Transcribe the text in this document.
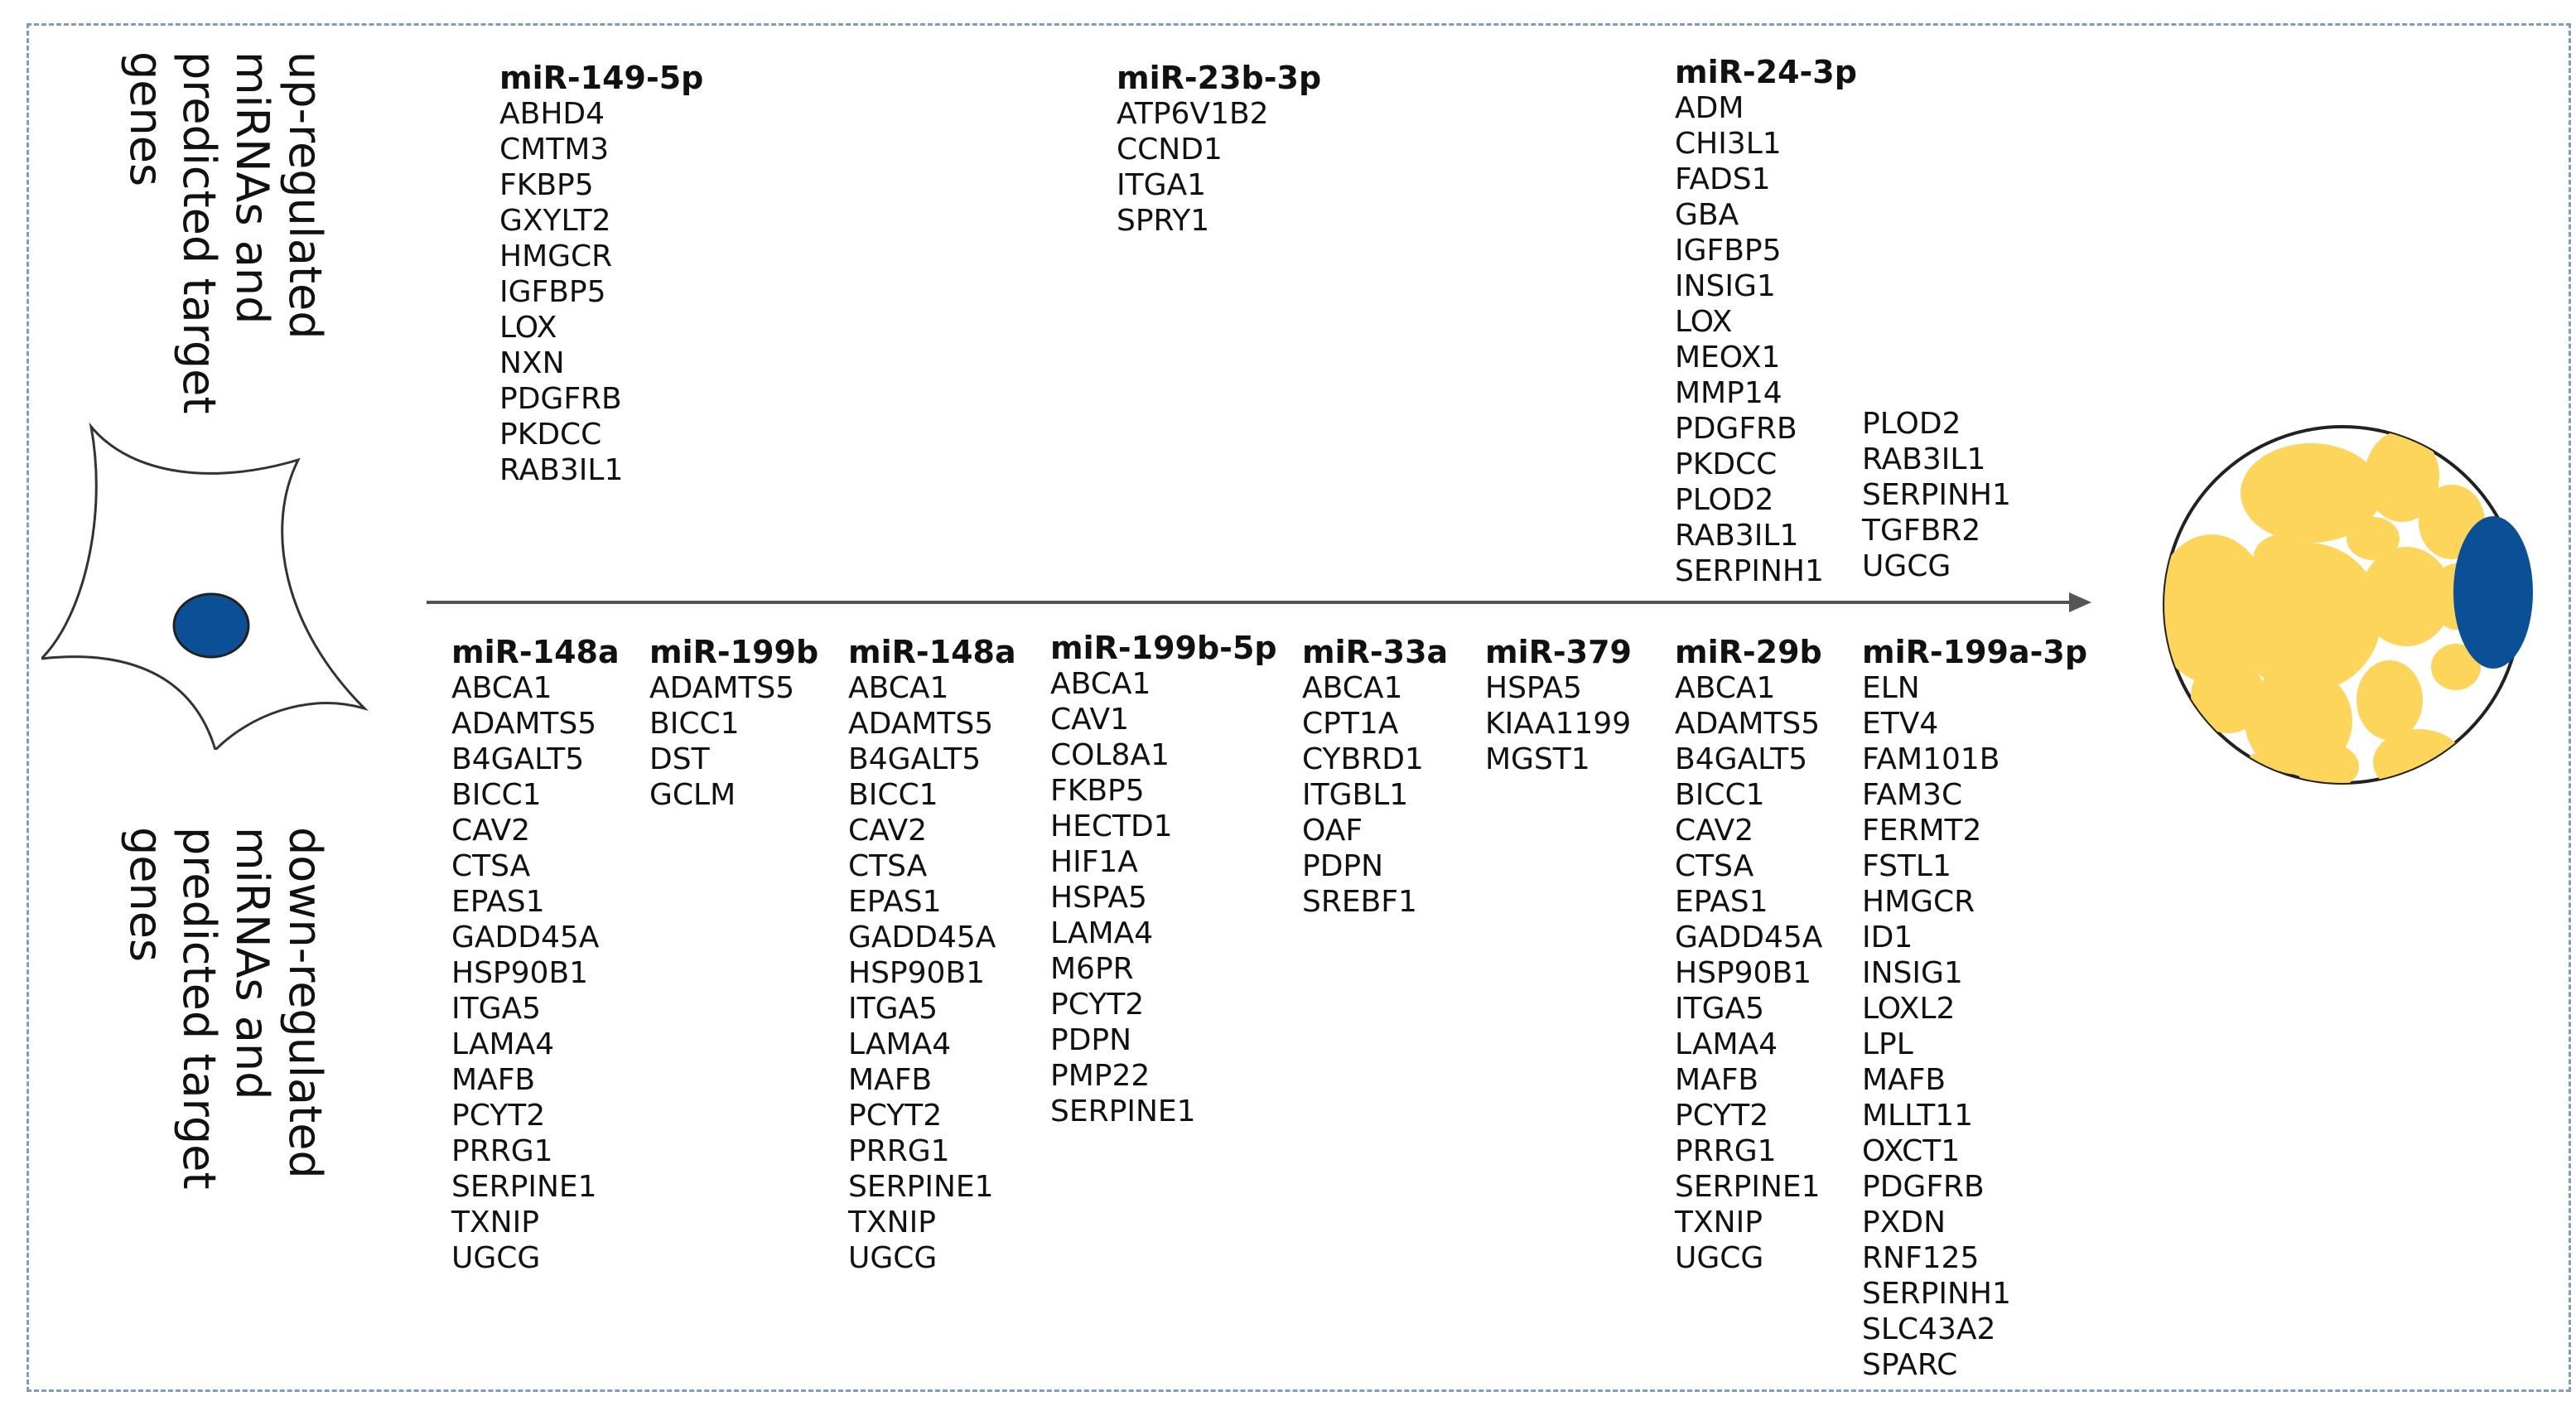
up-regulated
miRNAs and
predicted target
genes
down-regulated
miRNAs and
predicted target
genes
miR-149-5p
ABHD4
CMTM3
FKBP5
GXYLT2
HMGCR
IGFBP5
LOX
NXN
PDGFRB
PKDCC
RAB3IL1
miR-23b-3p
ATP6V1B2
CCND1
ITGA1
SPRY1
miR-24-3p
ADM
CHI3L1
FADS1
GBA
IGFBP5
INSIG1
LOX
MEOX1
MMP14
PDGFRB
PKDCC
PLOD2
RAB3IL1
SERPINH1
PLOD2
RAB3IL1
SERPINH1
TGFBR2
UGCG
miR-148a
ABCA1
ADAMTS5
B4GALT5
BICC1
CAV2
CTSA
EPAS1
GADD45A
HSP90B1
ITGA5
LAMA4
MAFB
PCYT2
PRRG1
SERPINE1
TXNIP
UGCG
miR-199b
ADAMTS5
BICC1
DST
GCLM
miR-148a
ABCA1
ADAMTS5
B4GALT5
BICC1
CAV2
CTSA
EPAS1
GADD45A
HSP90B1
ITGA5
LAMA4
MAFB
PCYT2
PRRG1
SERPINE1
TXNIP
UGCG
miR-199b-5p
ABCA1
CAV1
COL8A1
FKBP5
HECTD1
HIF1A
HSPA5
LAMA4
M6PR
PCYT2
PDPN
PMP22
SERPINE1
miR-33a
ABCA1
CPT1A
CYBRD1
ITGBL1
OAF
PDPN
SREBF1
miR-379
HSPA5
KIAA1199
MGST1
miR-29b
ABCA1
ADAMTS5
B4GALT5
BICC1
CAV2
CTSA
EPAS1
GADD45A
HSP90B1
ITGA5
LAMA4
MAFB
PCYT2
PRRG1
SERPINE1
TXNIP
UGCG
miR-199a-3p
ELN
ETV4
FAM101B
FAM3C
FERMT2
FSTL1
HMGCR
ID1
INSIG1
LOXL2
LPL
MAFB
MLLT11
OXCT1
PDGFRB
PXDN
RNF125
SERPINH1
SLC43A2
SPARC
